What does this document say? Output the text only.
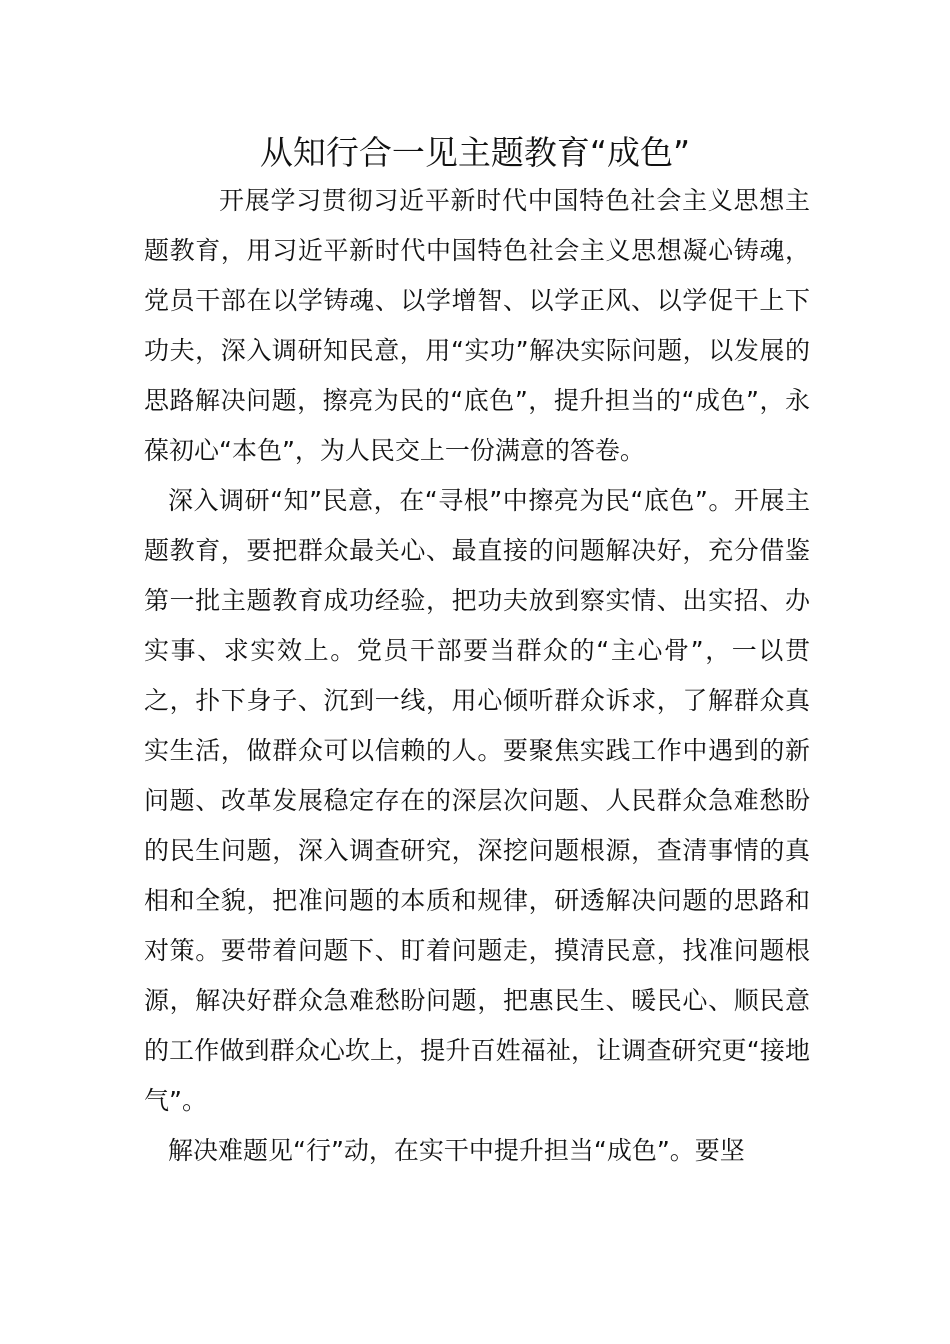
从知行合一见主题教育“成色”

开展学习贯彻习近平新时代中国特色社会主义思想主题教育，用习近平新时代中国特色社会主义思想凝心铸魂，党员干部在以学铸魂、以学增智、以学正风、以学促干上下功夫，深入调研知民意，用“实功”解决实际问题，以发展的思路解决问题，擦亮为民的“底色”，提升担当的“成色”，永葆初心“本色”，为人民交上一份满意的答卷。

深入调研“知”民意，在“寻根”中擦亮为民“底色”。开展主题教育，要把群众最关心、最直接的问题解决好，充分借鉴第一批主题教育成功经验，把功夫放到察实情、出实招、办实事、求实效上。党员干部要当群众的“主心骨”，一以贯之，扑下身子、沉到一线，用心倾听群众诉求，了解群众真实生活，做群众可以信赖的人。要聚焦实践工作中遇到的新问题、改革发展稳定存在的深层次问题、人民群众急难愁盼的民生问题，深入调查研究，深挖问题根源，查清事情的真相和全貌，把准问题的本质和规律，研透解决问题的思路和对策。要带着问题下、盯着问题走，摸清民意，找准问题根源，解决好群众急难愁盼问题，把惠民生、暖民心、顺民意的工作做到群众心坎上，提升百姓福祉，让调查研究更“接地气”。

解决难题见“行”动，在实干中提升担当“成色”。要坚
